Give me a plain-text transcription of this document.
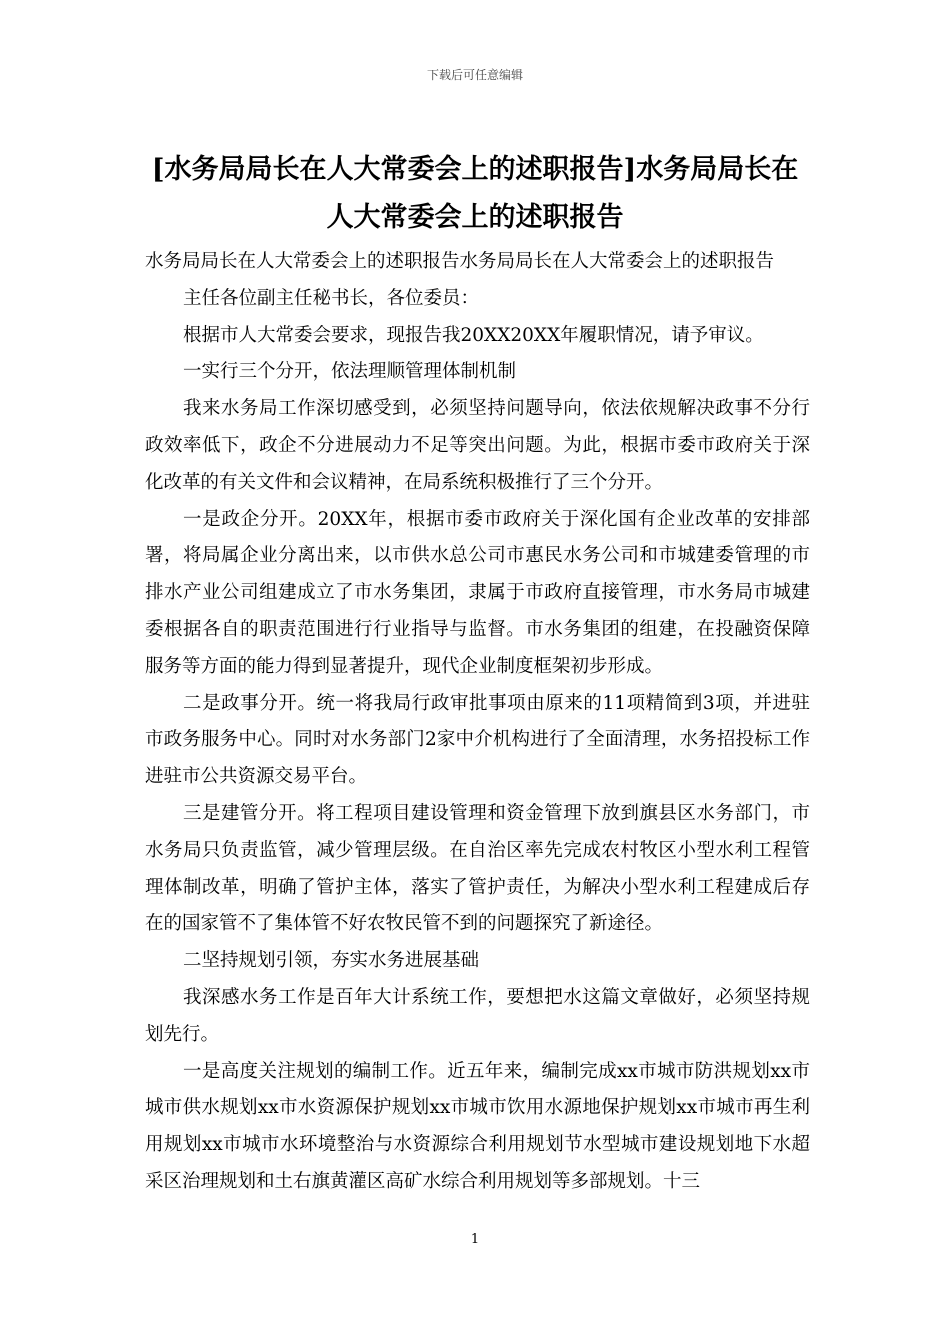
下载后可任意编辑
[水务局局长在人大常委会上的述职报告]水务局局长在人大常委会上的述职报告

水务局局长在人大常委会上的述职报告水务局局长在人大常委会上的述职报告

主任各位副主任秘书长，各位委员：

根据市人大常委会要求，现报告我20XX20XX年履职情况，请予审议。

一实行三个分开，依法理顺管理体制机制

我来水务局工作深切感受到，必须坚持问题导向，依法依规解决政事不分行政效率低下，政企不分进展动力不足等突出问题。为此，根据市委市政府关于深化改革的有关文件和会议精神，在局系统积极推行了三个分开。

一是政企分开。20XX年，根据市委市政府关于深化国有企业改革的安排部署，将局属企业分离出来，以市供水总公司市惠民水务公司和市城建委管理的市排水产业公司组建成立了市水务集团，隶属于市政府直接管理，市水务局市城建委根据各自的职责范围进行行业指导与监督。市水务集团的组建，在投融资保障服务等方面的能力得到显著提升，现代企业制度框架初步形成。

二是政事分开。统一将我局行政审批事项由原来的11项精简到3项，并进驻市政务服务中心。同时对水务部门2家中介机构进行了全面清理，水务招投标工作进驻市公共资源交易平台。

三是建管分开。将工程项目建设管理和资金管理下放到旗县区水务部门，市水务局只负责监管，减少管理层级。在自治区率先完成农村牧区小型水利工程管理体制改革，明确了管护主体，落实了管护责任，为解决小型水利工程建成后存在的国家管不了集体管不好农牧民管不到的问题探究了新途径。

二坚持规划引领，夯实水务进展基础

我深感水务工作是百年大计系统工作，要想把水这篇文章做好，必须坚持规划先行。

一是高度关注规划的编制工作。近五年来，编制完成xx市城市防洪规划xx市城市供水规划xx市水资源保护规划xx市城市饮用水源地保护规划xx市城市再生利用规划xx市城市水环境整治与水资源综合利用规划节水型城市建设规划地下水超采区治理规划和土右旗黄灌区高矿水综合利用规划等多部规划。十三

1
